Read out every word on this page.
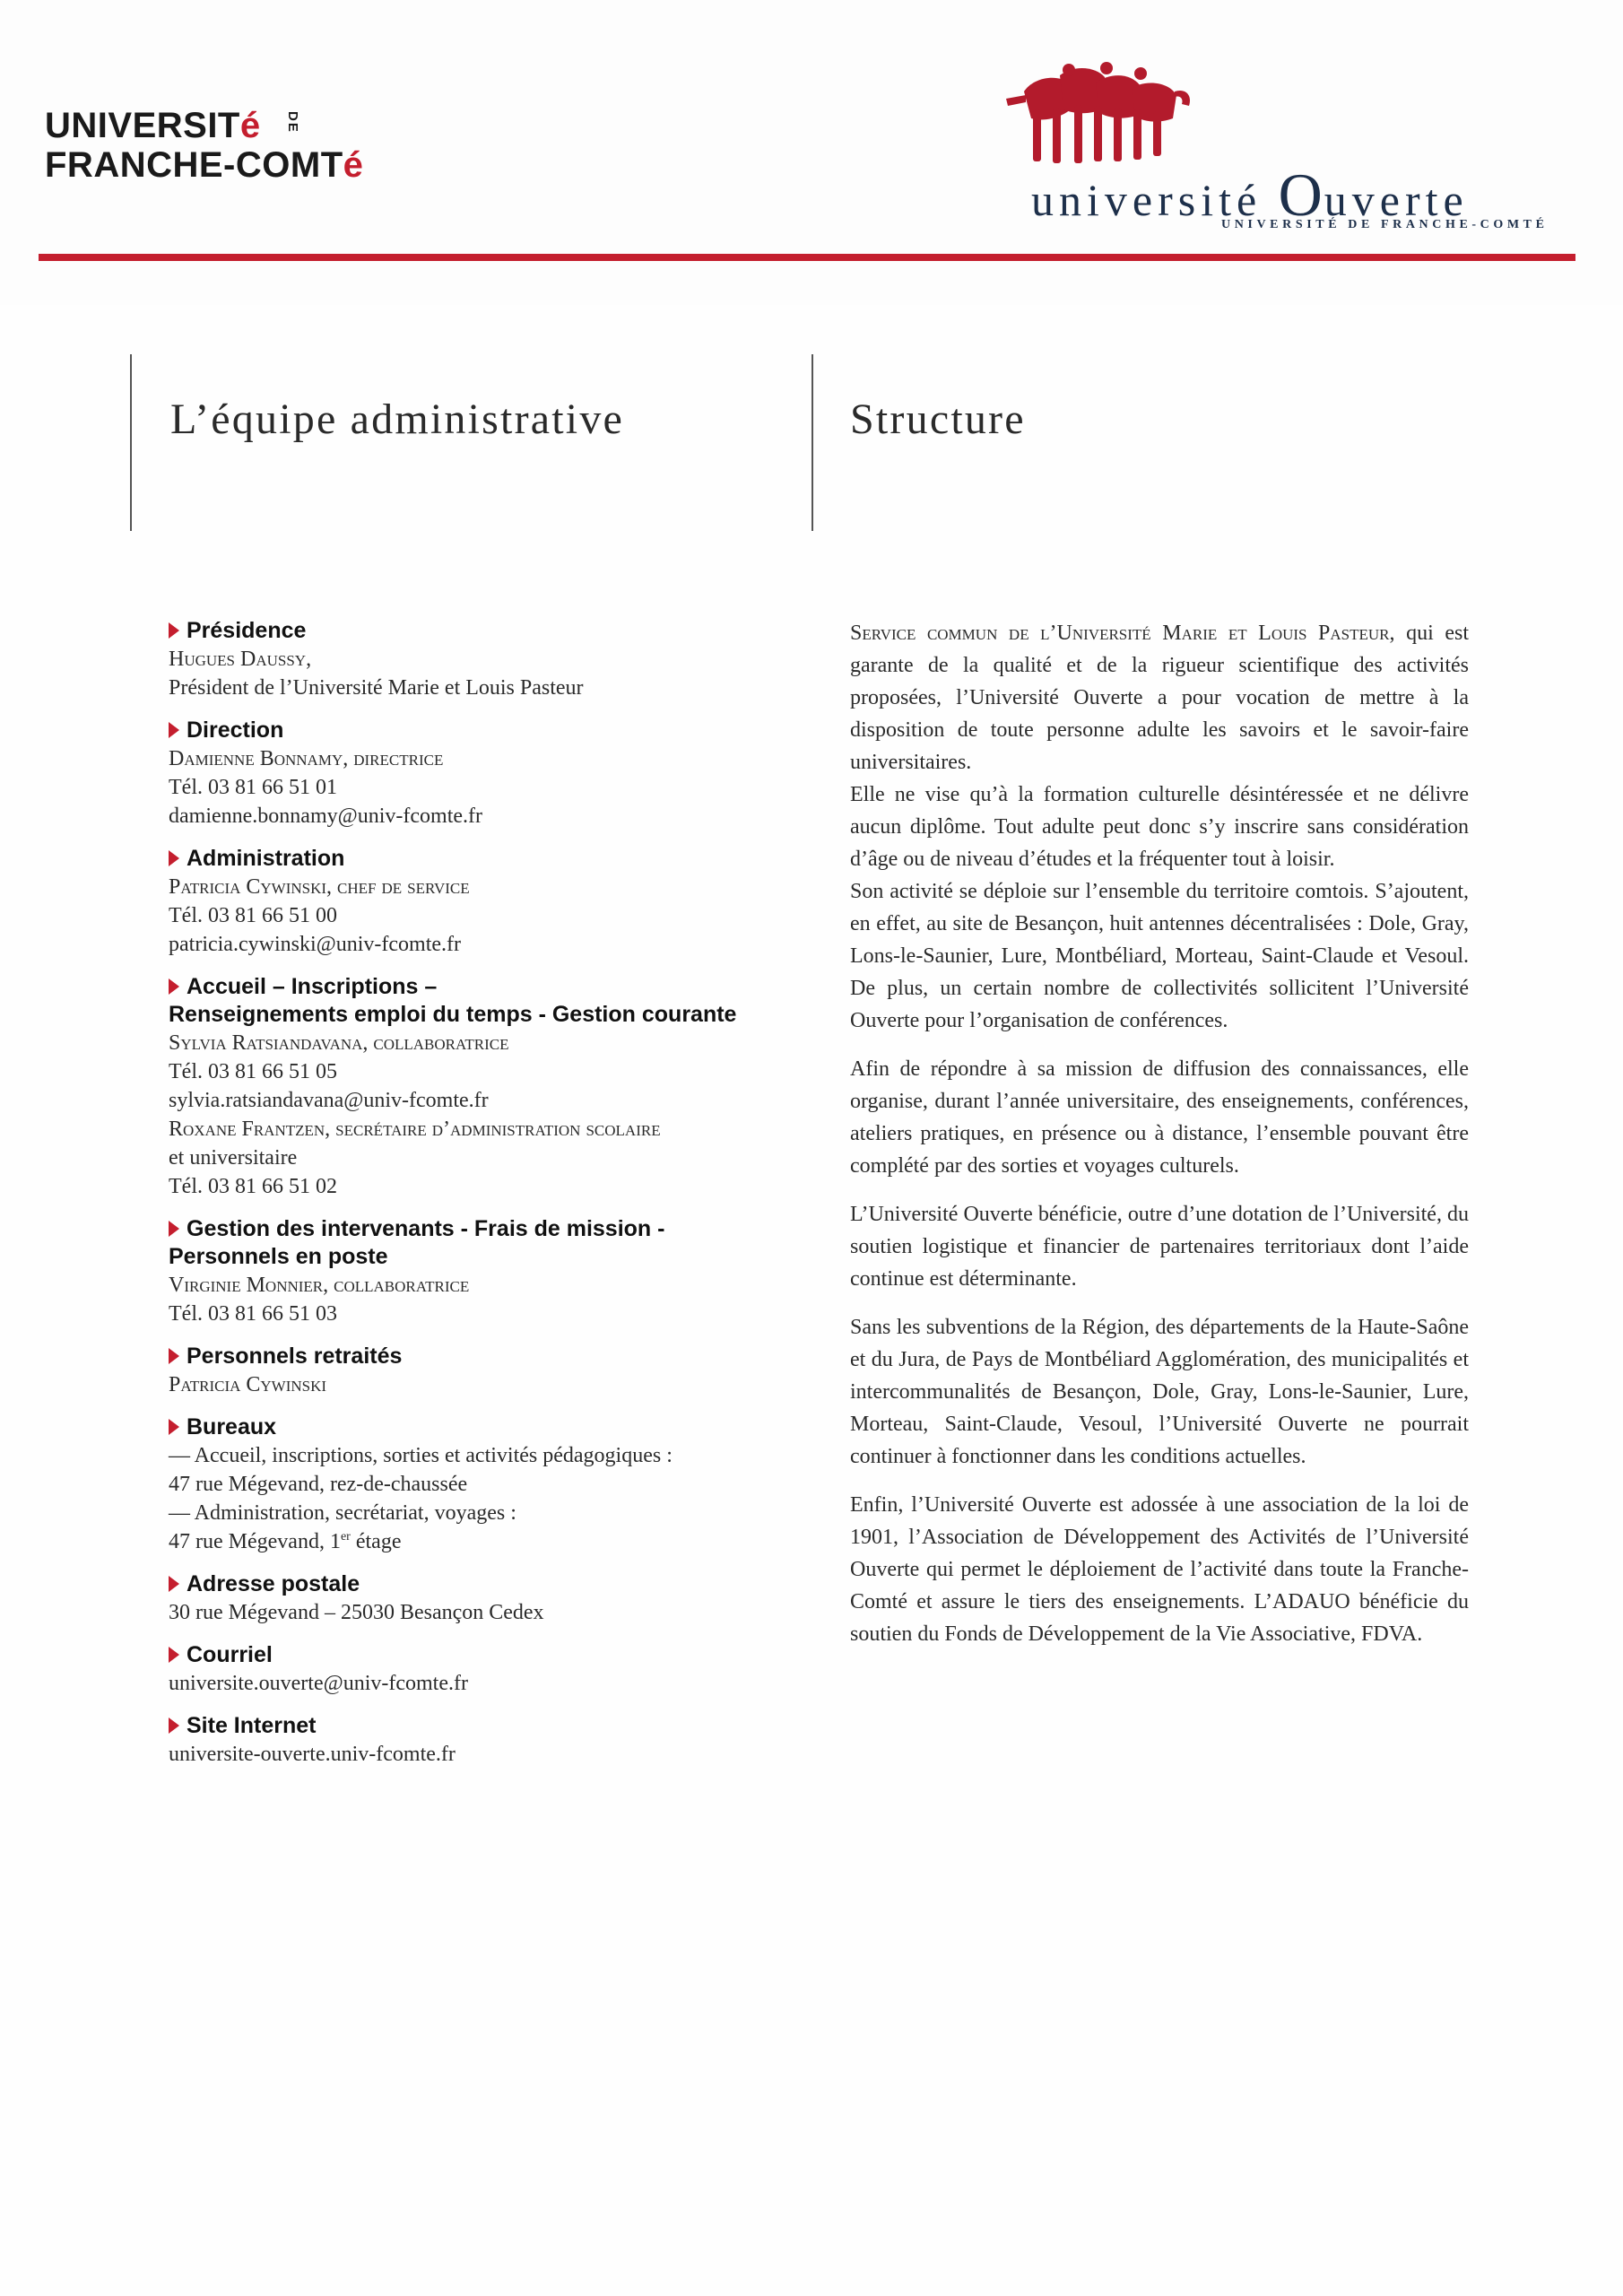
UNIVERSITé
FRANCHE-COMTé
DE
université Ouverte
UNIVERSITÉ DE FRANCHE-COMTÉ
L’équipe administrative	Structure
Présidence
Hugues Daussy,
Président de l’Université Marie et Louis Pasteur
Direction
Damienne Bonnamy, directrice
Tél. 03 81 66 51 01
damienne.bonnamy@univ-fcomte.fr
Administration
Patricia Cywinski, chef de service
Tél. 03 81 66 51 00
patricia.cywinski@univ-fcomte.fr
Accueil – Inscriptions –
Renseignements emploi du temps - Gestion courante
Sylvia Ratsiandavana, collaboratrice
Tél. 03 81 66 51 05
sylvia.ratsiandavana@univ-fcomte.fr
Roxane Frantzen, secrétaire d’administration scolaire
et universitaire
Tél. 03 81 66 51 02
Gestion des intervenants - Frais de mission -
Personnels en poste
Virginie Monnier, collaboratrice
Tél. 03 81 66 51 03
Personnels retraités
Patricia Cywinski
Bureaux
— Accueil, inscriptions, sorties et activités pédagogiques :
47 rue Mégevand, rez-de-chaussée
— Administration, secrétariat, voyages :
47 rue Mégevand, 1er étage
Adresse postale
30 rue Mégevand – 25030 Besançon Cedex
Courriel
universite.ouverte@univ-fcomte.fr
Site Internet
universite-ouverte.univ-fcomte.fr

Service commun de l’Université Marie et Louis Pasteur, qui est garante de la qualité et de la rigueur scientifique des activités proposées, l’Université Ouverte a pour vocation de mettre à la disposition de toute personne adulte les savoirs et le savoir-faire universitaires.

Elle ne vise qu’à la formation culturelle désintéressée et ne délivre aucun diplôme. Tout adulte peut donc s’y inscrire sans considération d’âge ou de niveau d’études et la fréquenter tout à loisir.

Son activité se déploie sur l’ensemble du territoire comtois. S’ajoutent, en effet, au site de Besançon, huit antennes décentralisées : Dole, Gray, Lons-le-Saunier, Lure, Montbéliard, Morteau, Saint-Claude et Vesoul. De plus, un certain nombre de collectivités sollicitent l’Université Ouverte pour l’organisation de conférences.

Afin de répondre à sa mission de diffusion des connaissances, elle organise, durant l’année universitaire, des enseignements, conférences, ateliers pratiques, en présence ou à distance, l’ensemble pouvant être complété par des sorties et voyages culturels.

L’Université Ouverte bénéficie, outre d’une dotation de l’Université, du soutien logistique et financier de partenaires territoriaux dont l’aide continue est déterminante.

Sans les subventions de la Région, des départements de la Haute-Saône et du Jura, de Pays de Montbéliard Agglomération, des municipalités et intercommunalités de Besançon, Dole, Gray, Lons-le-Saunier, Lure, Morteau, Saint-Claude, Vesoul, l’Université Ouverte ne pourrait continuer à fonctionner dans les conditions actuelles.

Enfin, l’Université Ouverte est adossée à une association de la loi de 1901, l’Association de Développement des Activités de l’Université Ouverte qui permet le déploiement de l’activité dans toute la Franche-Comté et assure le tiers des enseignements. L’ADAUO bénéficie du soutien du Fonds de Développement de la Vie Associative, FDVA.
